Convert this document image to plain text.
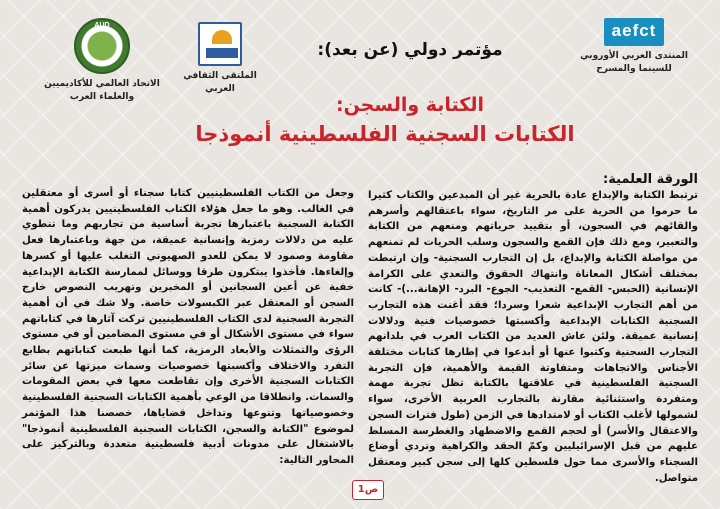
aefct
المنتدى العربي الأوروبي
للسينما والمسرح
الملتقى الثقافي العربي
AUD
الاتحاد العالمي للأكاديميين
والعلماء العرب
مؤتمر دولي (عن بعد):
الكتابة والسجن:
الكتابات السجنية الفلسطينية أنموذجا
الورقة العلمية:

ترتبط الكتابة والإبداع عادة بالحرية غير أن المبدعين والكتاب كثيرا ما حرموا من الحرية على مر التاريخ، سواء باعتقالهم وأسرهم والقائهم في السجون، أو بتقييد حرياتهم ومنعهم من الكتابة والتعبير، ومع ذلك فإن القمع والسجون وسلب الحريات لم تمنعهم من مواصلة الكتابة والإبداع، بل إن التجارب السجنية- وإن ارتبطت بمختلف أشكال المعاناة وانتهاك الحقوق والتعدي على الكرامة الإنسانية (الحبس- القمع- التعذيب- الجوع- البرد- الإهانة...)- كانت من أهم التجارب الإبداعية شعرا وسردا؛ فقد أغنت هذه التجارب السجنية الكتابات الإبداعية وأكسبتها خصوصيات فنية ودلالات إنسانية عميقة. ولئن عاش العديد من الكتاب العرب في بلدانهم التجارب السجنية وكتبوا عنها أو أبدعوا في إطارها كتابات مختلفة الأجناس والاتجاهات ومتفاوتة القيمة والأهمية، فإن التجربة السجنية الفلسطينية في علاقتها بالكتابة تظل تجربة مهمة ومتفردة واستثنائية مقارنة بالتجارب العربية الأخرى، سواء لشمولها لأغلب الكتاب أو لامتدادها في الزمن (طول فترات السجن والاعتقال والأسر) أو لحجم القمع والاضطهاد والغطرسة المسلط عليهم من قبل الإسرائيليين وكمّ الحقد والكراهية وتردي أوضاع السجناء والأسرى مما حول فلسطين كلها إلى سجن كبير ومعتقل متواصل.

وجعل من الكتاب الفلسطينيين كتابا سجناء أو أسرى أو معتقلين في الغالب. وهو ما جعل هؤلاء الكتاب الفلسطينيين يدركون أهمية الكتابة السجنية باعتبارها تجربة أساسية من تجاربهم وما تنطوي عليه من دلالات رمزية وإنسانية عميقة، من جهة وباعتبارها فعل مقاومة وصمود لا يمكن للعدو الصهيوني التغلب عليها أو كسرها وإلغاءها. فأخذوا يبتكرون طرقا ووسائل لممارسة الكتابة الإبداعية خفية عن أعين السجانين أو المخبرين وتهريب النصوص خارج السجن أو المعتقل عبر الكبسولات خاصة. ولا شك في أن أهمية التجربة السجنية لدى الكتاب الفلسطينيين تركت آثارها في كتاباتهم سواء في مستوى الأشكال أو في مستوى المضامين أو في مستوى الرؤى والتمثلات والأبعاد الرمزية، كما أنها طبعت كتاباتهم بطابع التفرد والاختلاف وأكسبتها خصوصيات وسمات ميزتها عن سائر الكتابات السجنية الأخرى وإن تقاطعت معها في بعض المقومات والسمات. وانطلاقا من الوعي بأهمية الكتابات السجنية الفلسطينية وخصوصياتها وتنوعها وتداخل قضاياها، خصصنا هذا المؤتمر لموضوع "الكتابة والسجن، الكتابات السجنية الفلسطينية أنموذجا" بالاشتغال على مدونات أدبية فلسطينية متعددة وبالتركيز على المحاور التالية:

ص1
